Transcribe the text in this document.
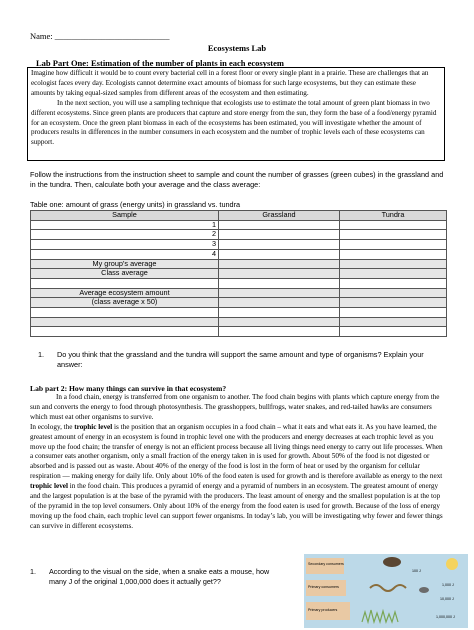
Name: ___________________________
Ecosystems Lab
Lab Part One: Estimation of the number of plants in each ecosystem

Imagine how difficult it would be to count every bacterial cell in a forest floor or every single plant in a prairie. These are challenges that an ecologist faces every day. Ecologists cannot determine exact amounts of biomass for such large ecosystems, but they can estimate these amounts by taking equal-sized samples from different areas of the ecosystem and then estimating.

In the next section, you will use a sampling technique that ecologists use to estimate the total amount of green plant biomass in two different ecosystems. Since green plants are producers that capture and store energy from the sun, they form the base of a food/energy pyramid for an ecosystem. Once the green plant biomass in each of the ecosystems has been estimated, you will investigate whether the amount of producers results in differences in the number consumers in each ecosystem and the number of trophic levels each of these ecosystems can support.

Follow the instructions from the instruction sheet to sample and count the number of grasses (green cubes) in the grassland and in the tundra. Then, calculate both your average and the class average:
Table one: amount of grass (energy units) in grassland vs. tundra
Sample	Grassland	Tundra
1		
2		
3		
4		
My group’s average		
Class average		

Average ecosystem amount		
(class average x 50)		

1. Do you think that the grassland and the tundra will support the same amount and type of organisms? Explain your answer:
Lab part 2: How many things can survive in that ecosystem?

In a food chain, energy is transferred from one organism to another. The food chain begins with plants which capture energy from the sun and converts the energy to food through photosynthesis. The grasshoppers, bullfrogs, water snakes, and red-tailed hawks are consumers which must eat other organisms to survive.

In ecology, the trophic level is the position that an organism occupies in a food chain – what it eats and what eats it. As you have learned, the greatest amount of energy in an ecosystem is found in trophic level one with the producers and energy decreases at each trophic level as you move up the food chain; the transfer of energy is not an efficient process because all living things need energy to carry out life processes. When a consumer eats another organism, only a small fraction of the energy taken in is used for growth. About 50% of the food is not digested or absorbed and is passed out as waste. About 40% of the energy of the food is lost in the form of heat or used by the organism for cellular respiration — making energy for daily life. Only about 10% of the food eaten is used for growth and is therefore available as energy to the next trophic level in the food chain. This produces a pyramid of energy and a pyramid of numbers in an ecosystem. The greatest amount of energy and the largest population is at the base of the pyramid with the producers. The least amount of energy and the smallest population is at the top of the pyramid in the top level consumers. Only about 10% of the energy from the food eaten is used for growth. Because of the loss of energy moving up the food chain, each trophic level can support fewer organisms. In today’s lab, you will be investigating why fewer and fewer things can survive in different ecosystems.

1. According to the visual on the side, when a snake eats a mouse, how many J of the original 1,000,000 does it actually get??
Secondary consumers
Primary consumers
Primary producers
100 J
1,000 J
10,000 J
1,000,000 J
